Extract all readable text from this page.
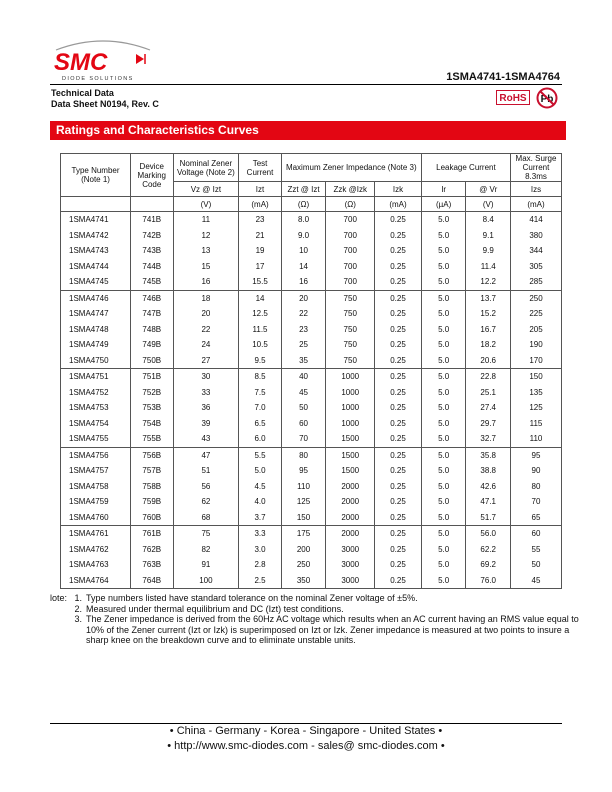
SMC
DIODE SOLUTIONS	1SMA4741-1SMA4764
Technical Data
Data Sheet N0194, Rev. C	RoHS	Pb
Ratings and Characteristics Curves
Type Number (Note 1)	Device Marking Code	Nominal Zener Voltage (Note 2)	Test Current	Maximum Zener Impedance (Note 3)			Leakage Current		Max. Surge Current 8.3ms
		Vz @ Izt	Izt	Zzt @ Izt	Zzk @Izk	Izk	Ir	@ Vr	Izs
		(V)	(mA)	(Ω)	(Ω)	(mA)	(µA)	(V)	(mA)
1SMA4741	741B	11	23	8.0	700	0.25	5.0	8.4	414
1SMA4742	742B	12	21	9.0	700	0.25	5.0	9.1	380
1SMA4743	743B	13	19	10	700	0.25	5.0	9.9	344
1SMA4744	744B	15	17	14	700	0.25	5.0	11.4	305
1SMA4745	745B	16	15.5	16	700	0.25	5.0	12.2	285
1SMA4746	746B	18	14	20	750	0.25	5.0	13.7	250
1SMA4747	747B	20	12.5	22	750	0.25	5.0	15.2	225
1SMA4748	748B	22	11.5	23	750	0.25	5.0	16.7	205
1SMA4749	749B	24	10.5	25	750	0.25	5.0	18.2	190
1SMA4750	750B	27	9.5	35	750	0.25	5.0	20.6	170
1SMA4751	751B	30	8.5	40	1000	0.25	5.0	22.8	150
1SMA4752	752B	33	7.5	45	1000	0.25	5.0	25.1	135
1SMA4753	753B	36	7.0	50	1000	0.25	5.0	27.4	125
1SMA4754	754B	39	6.5	60	1000	0.25	5.0	29.7	115
1SMA4755	755B	43	6.0	70	1500	0.25	5.0	32.7	110
1SMA4756	756B	47	5.5	80	1500	0.25	5.0	35.8	95
1SMA4757	757B	51	5.0	95	1500	0.25	5.0	38.8	90
1SMA4758	758B	56	4.5	110	2000	0.25	5.0	42.6	80
1SMA4759	759B	62	4.0	125	2000	0.25	5.0	47.1	70
1SMA4760	760B	68	3.7	150	2000	0.25	5.0	51.7	65
1SMA4761	761B	75	3.3	175	2000	0.25	5.0	56.0	60
1SMA4762	762B	82	3.0	200	3000	0.25	5.0	62.2	55
1SMA4763	763B	91	2.8	250	3000	0.25	5.0	69.2	50
1SMA4764	764B	100	2.5	350	3000	0.25	5.0	76.0	45
lote: 1. Type numbers listed have standard tolerance on the nominal Zener voltage of ±5%.
2. Measured under thermal equilibrium and DC (Izt) test conditions.
3. The Zener impedance is derived from the 60Hz AC voltage which results when an AC current having an RMS value equal to 10% of the Zener current (Izt or Izk) is superimposed on Izt or Izk. Zener impedance is measured at two points to insure a sharp knee on the breakdown curve and to eliminate unstable units.
• China - Germany - Korea - Singapore - United States •
• http://www.smc-diodes.com - sales@ smc-diodes.com •
